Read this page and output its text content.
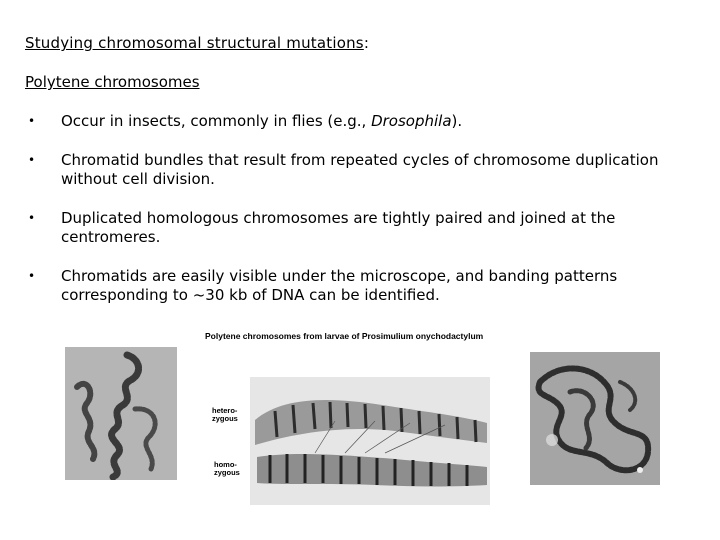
Studying chromosomal structural mutations:
Polytene chromosomes
• Occur in insects, commonly in flies (e.g., Drosophila).
• Chromatid bundles that result from repeated cycles of chromosome duplication without cell division.
• Duplicated homologous chromosomes are tightly paired and joined at the centromeres.
• Chromatids are easily visible under the microscope, and banding patterns corresponding to ~30 kb of DNA can be identified.
Polytene chromosomes from larvae of Prosimulium onychodactylum
hetero-
zygous
homo-
zygous
